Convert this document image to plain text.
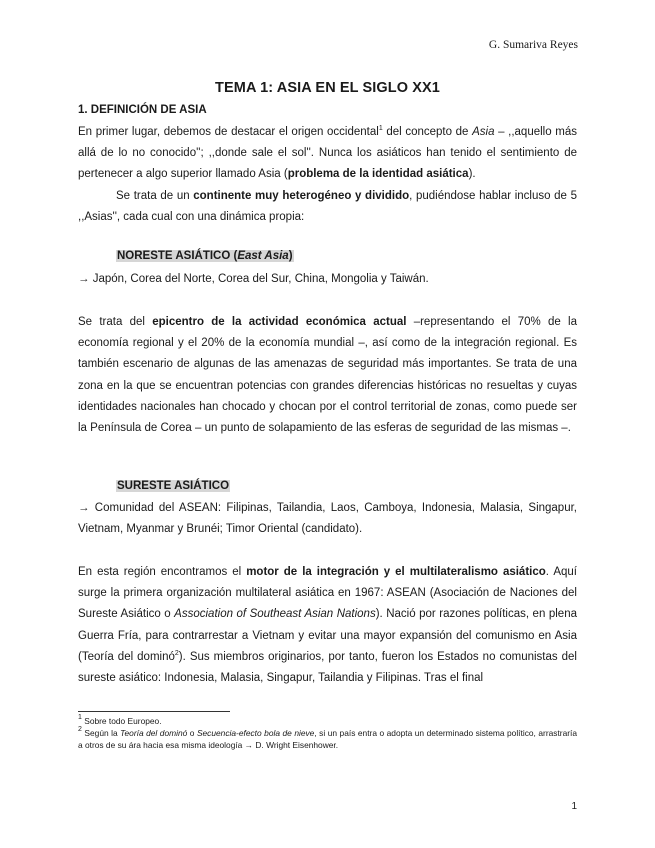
G. Sumariva Reyes
TEMA 1: ASIA EN EL SIGLO XX1
1. DEFINICIÓN DE ASIA
En primer lugar, debemos de destacar el origen occidental$^1$ del concepto de Asia – ,,aquello más allá de lo no conocido''; ,,donde sale el sol''. Nunca los asiáticos han tenido el sentimiento de pertenecer a algo superior llamado Asia (problema de la identidad asiática).
Se trata de un continente muy heterogéneo y dividido, pudiéndose hablar incluso de 5 ,,Asias'', cada cual con una dinámica propia:
NORESTE ASIÁTICO (East Asia)
→ Japón, Corea del Norte, Corea del Sur, China, Mongolia y Taiwán.
Se trata del epicentro de la actividad económica actual –representando el 70% de la economía regional y el 20% de la economía mundial –, así como de la integración regional. Es también escenario de algunas de las amenazas de seguridad más importantes. Se trata de una zona en la que se encuentran potencias con grandes diferencias históricas no resueltas y cuyas identidades nacionales han chocado y chocan por el control territorial de zonas, como puede ser la Península de Corea – un punto de solapamiento de las esferas de seguridad de las mismas –.
SURESTE ASIÁTICO
→ Comunidad del ASEAN: Filipinas, Tailandia, Laos, Camboya, Indonesia, Malasia, Singapur, Vietnam, Myanmar y Brunéi; Timor Oriental (candidato).
En esta región encontramos el motor de la integración y el multilateralismo asiático. Aquí surge la primera organización multilateral asiática en 1967: ASEAN (Asociación de Naciones del Sureste Asiático o Association of Southeast Asian Nations). Nació por razones políticas, en plena Guerra Fría, para contrarrestar a Vietnam y evitar una mayor expansión del comunismo en Asia (Teoría del dominó$^2$). Sus miembros originarios, por tanto, fueron los Estados no comunistas del sureste asiático: Indonesia, Malasia, Singapur, Tailandia y Filipinas. Tras el final
$^1$ Sobre todo Europeo.
$^2$ Según la Teoría del dominó o Secuencia-efecto bola de nieve, si un país entra o adopta un determinado sistema político, arrastraría a otros de su ára hacia esa misma ideología → D. Wright Eisenhower.
1
